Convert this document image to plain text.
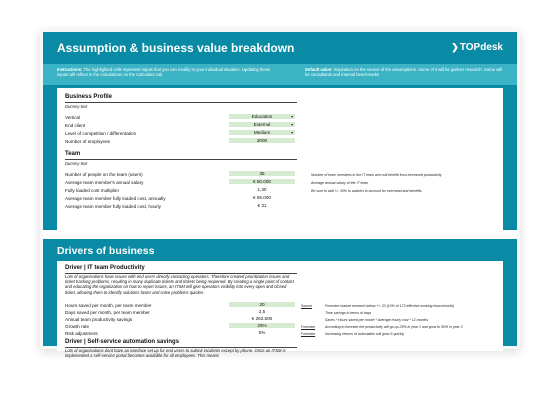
Assumption & business value breakdown	❯TOPdesk
Instructions: The highlighted cells represent inputs that you can modify to your individual situation. Updating these inputs will reflect in the calculations on the Calculator tab.
Default value: Inspiration on the source of the assumptions. Some of it will be gartner research. Some will be consultants and internal benchmarks
Business Profile
Dummy text
Vertical	Education	▾
End client	External	▾
Level of competition / differentation	Medium	▾
Number of employees	2000
Team
Dummy text
Number of people on the team (users)	35	Number of team members in the IT team who will benefit from increased productivity
Average team member's annual salary	€ 50.000	Average annual salary of the IT team
Fully loaded cost multiplier	1,30	Be sure to add +/- 30% to salaries to account for overhead and benefits
Average team member fully loaded cost, annually	€ 65.000
Average team member fully loaded cost, hourly	€ 31
Drivers of business
Driver | IT team Productivity
Lots of organisations have issues with end users directly contacting operators. Therefore created prioritization issues and ticket tracking problems, resulting in many duplicate tickets and tickets being reopened. By creating a single point of contact and educating the organization on how to report issues, an ITSM will give operators visibility into every open and closed ticket, allowing them to identify solutions faster and solve problems quicker.
Hours saved per month, per team member	20	Source	Forrester market research below +/- 20 (10% of 173 effective working hours/month)
Days saved per month, per team member	2,5	Time savings in terms of days
Annual team productivity savings	€ 262.500	Saves * Hours saved per month * Average hourly cost * 12 months
Growth rate	25%	Forrester	According to forrester the productivity will go up 25% in year 1 and grow to 50% in year 3
Risk adjustment	5%	Forrester	Increasing returns of automation will grow 5 quickly
Driver | Self-service automation savings
Lots of organisations dont have an interface set up for end users to submit incidents except by phone. Once an ITSM is implemented a self-service portal becomes available for all employees. This means
